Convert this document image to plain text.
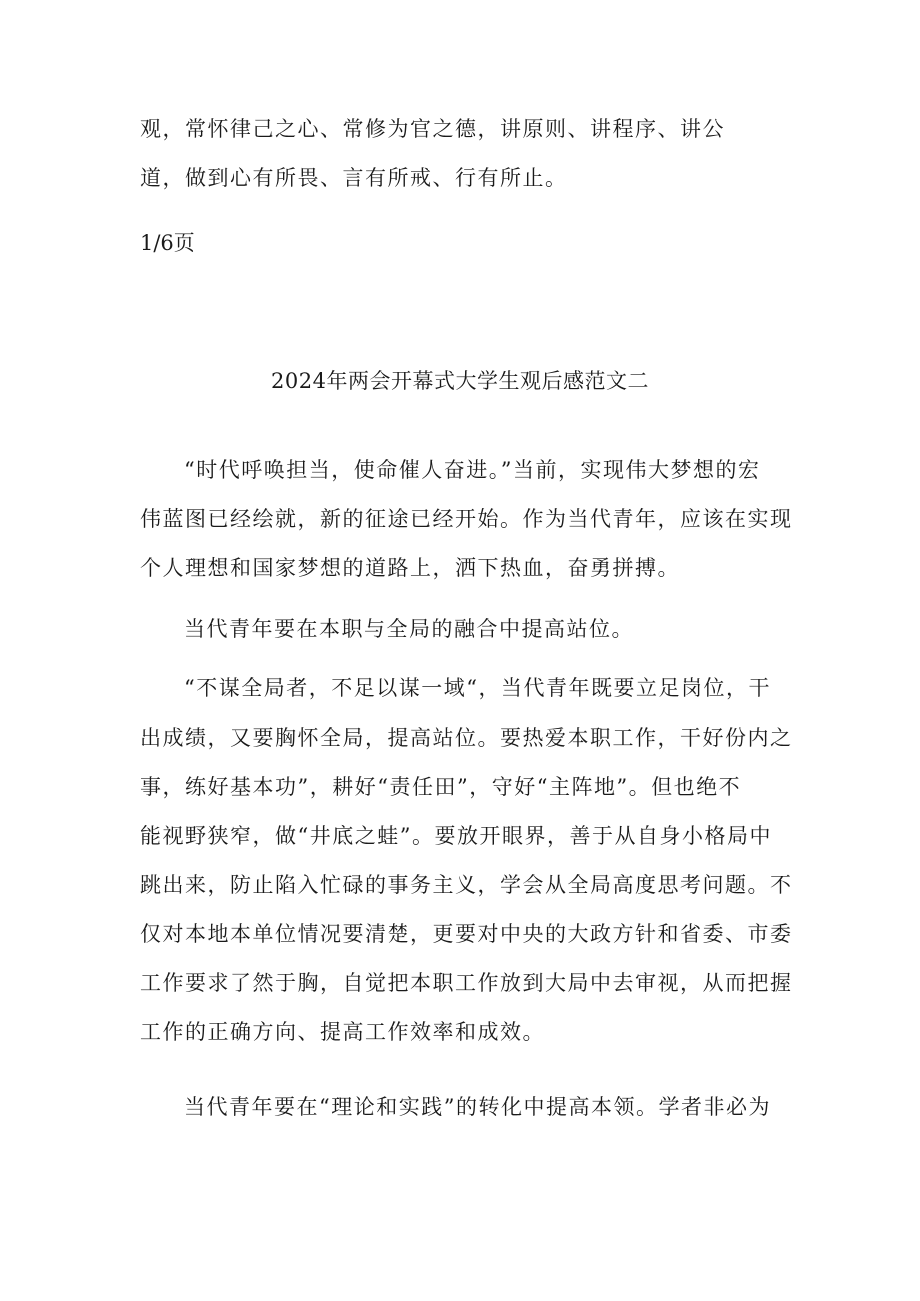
观，常怀律己之心、常修为官之德，讲原则、讲程序、讲公
道，做到心有所畏、言有所戒、行有所止。
1/6页
2024年两会开幕式大学生观后感范文二
“时代呼唤担当，使命催人奋进。”当前，实现伟大梦想的宏
伟蓝图已经绘就，新的征途已经开始。作为当代青年，应该在实现
个人理想和国家梦想的道路上，洒下热血，奋勇拼搏。
当代青年要在本职与全局的融合中提高站位。
“不谋全局者，不足以谋一域“，当代青年既要立足岗位，干
出成绩，又要胸怀全局，提高站位。要热爱本职工作，干好份内之
事，练好基本功”，耕好“责任田”，守好“主阵地”。但也绝不
能视野狭窄，做“井底之蛙”。要放开眼界，善于从自身小格局中
跳出来，防止陷入忙碌的事务主义，学会从全局高度思考问题。不
仅对本地本单位情况要清楚，更要对中央的大政方针和省委、市委
工作要求了然于胸，自觉把本职工作放到大局中去审视，从而把握
工作的正确方向、提高工作效率和成效。
当代青年要在“理论和实践”的转化中提高本领。学者非必为
